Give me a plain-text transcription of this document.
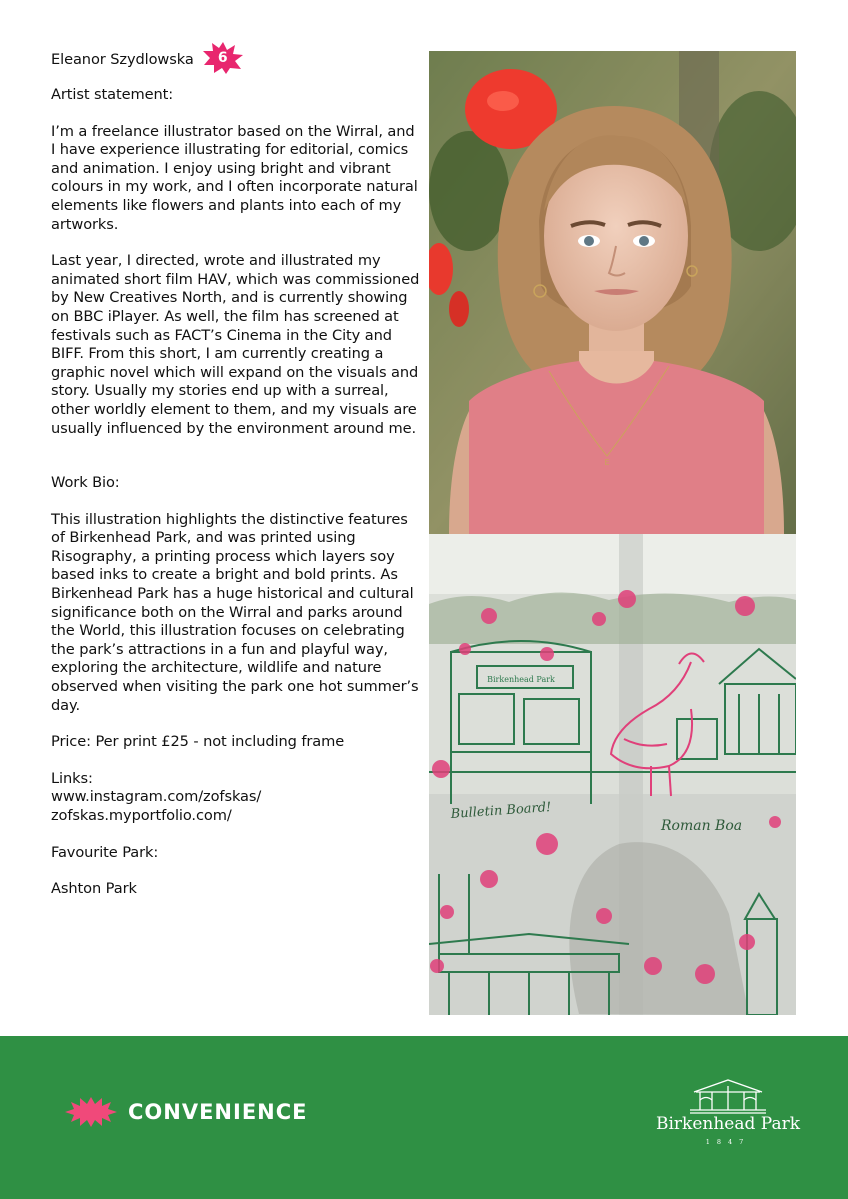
Eleanor Szydlowska	6

Artist statement:

I’m a freelance illustrator based on the Wirral, and I have experience illustrating for editorial, comics and animation. I enjoy using bright and vibrant colours in my work, and I often incorporate natural elements like flowers and plants into each of my artworks.

Last year, I directed, wrote and illustrated my animated short film HAV, which was commissioned by New Creatives North, and is currently showing on BBC iPlayer. As well, the film has screened at festivals such as FACT’s Cinema in the City and BIFF. From this short, I am currently creating a graphic novel which will expand on the visuals and story. Usually my stories end up with a surreal, other worldly element to them, and my visuals are usually influenced by the environment around me.

Work Bio:

This illustration highlights the distinctive features of Birkenhead Park, and was printed using Risography, a printing process which layers soy based inks to create a bright and bold prints. As Birkenhead Park has a huge historical and cultural significance both on the Wirral and parks around the World, this illustration focuses on celebrating the park’s attractions in a fun and playful way, exploring the architecture, wildlife and nature observed when visiting the park one hot summer’s day.

Price: Per print £25 - not including frame

Links:

www.instagram.com/zofskas/

zofskas.myportfolio.com/

Favourite Park:

Ashton Park

E
Birkenhead Park
Bulletin Board!
Roman Boa
CONVENIENCE	Birkenhead Park
1847
